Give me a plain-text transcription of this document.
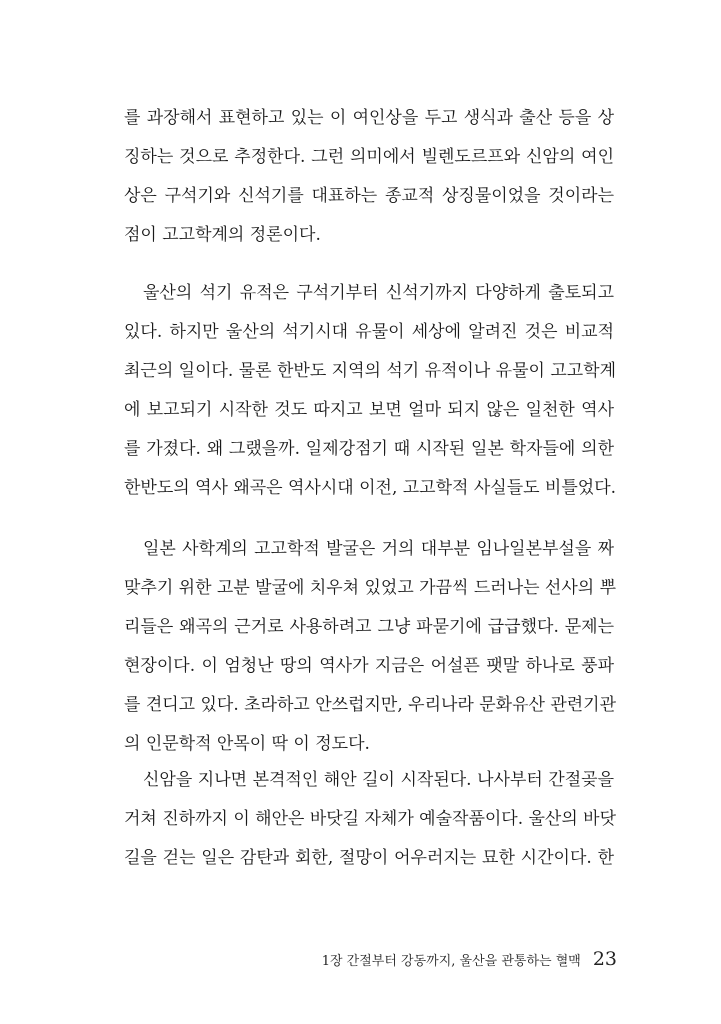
를 과장해서 표현하고 있는 이 여인상을 두고 생식과 출산 등을 상
징하는 것으로 추정한다. 그런 의미에서 빌렌도르프와 신암의 여인
상은 구석기와 신석기를 대표하는 종교적 상징물이었을 것이라는
점이 고고학계의 정론이다.
울산의 석기 유적은 구석기부터 신석기까지 다양하게 출토되고
있다. 하지만 울산의 석기시대 유물이 세상에 알려진 것은 비교적
최근의 일이다. 물론 한반도 지역의 석기 유적이나 유물이 고고학계
에 보고되기 시작한 것도 따지고 보면 얼마 되지 않은 일천한 역사
를 가졌다. 왜 그랬을까. 일제강점기 때 시작된 일본 학자들에 의한
한반도의 역사 왜곡은 역사시대 이전, 고고학적 사실들도 비틀었다.
일본 사학계의 고고학적 발굴은 거의 대부분 임나일본부설을 짜
맞추기 위한 고분 발굴에 치우쳐 있었고 가끔씩 드러나는 선사의 뿌
리들은 왜곡의 근거로 사용하려고 그냥 파묻기에 급급했다. 문제는
현장이다. 이 엄청난 땅의 역사가 지금은 어설픈 팻말 하나로 풍파
를 견디고 있다. 초라하고 안쓰럽지만, 우리나라 문화유산 관련기관
의 인문학적 안목이 딱 이 정도다.
신암을 지나면 본격적인 해안 길이 시작된다. 나사부터 간절곶을
거쳐 진하까지 이 해안은 바닷길 자체가 예술작품이다. 울산의 바닷
길을 걷는 일은 감탄과 회한, 절망이 어우러지는 묘한 시간이다. 한
1장 간절부터 강동까지, 울산을 관통하는 혈맥 23
